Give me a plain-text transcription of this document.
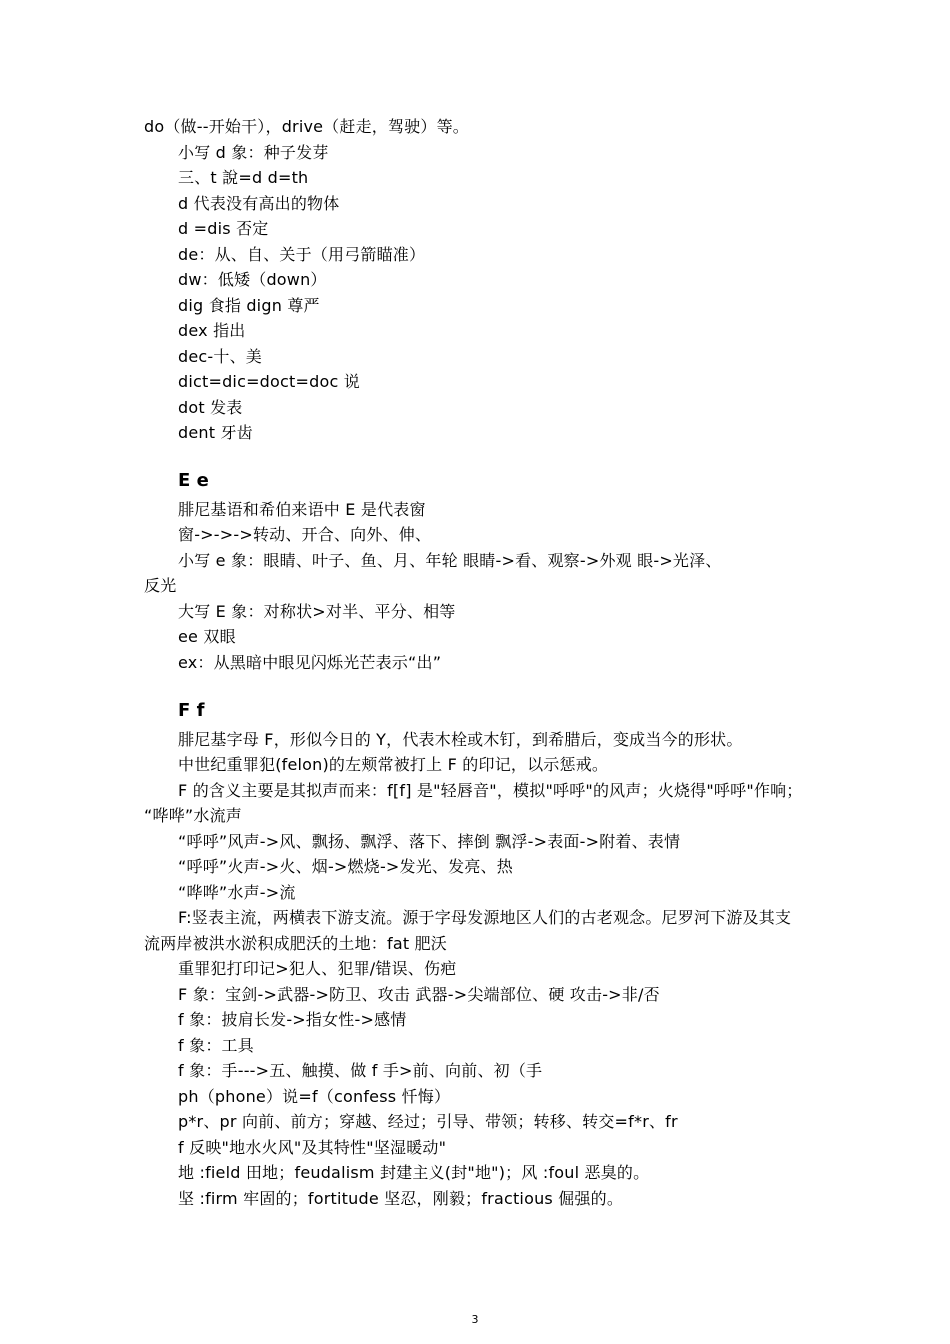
do（做--开始干），drive（赶走，驾驶）等。
小写 d 象：种子发芽
三、t 說=d d=th
d 代表没有高出的物体
d =dis 否定
de：从、自、关于（用弓箭瞄准）
dw：低矮（down）
dig 食指 dign 尊严
dex 指出
dec-十、美
dict=dic=doct=doc 说
dot 发表
dent 牙齿
E e
腓尼基语和希伯来语中 E 是代表窗
窗->->->转动、开合、向外、伸、
小写 e 象：眼睛、叶子、鱼、月、年轮 眼睛->看、观察->外观 眼->光泽、
反光
大写 E 象：对称状>对半、平分、相等
ee 双眼
ex：从黑暗中眼见闪烁光芒表示“出”
F f
腓尼基字母 F，形似今日的 Y，代表木栓或木钉，到希腊后，变成当今的形状。
中世纪重罪犯(felon)的左颊常被打上 F 的印记，以示惩戒。
F 的含义主要是其拟声而来：f[f] 是"轻唇音"，模拟"呼呼"的风声；火烧得"呼呼"作响；
“哗哗”水流声
“呼呼”风声->风、飘扬、飘浮、落下、摔倒 飘浮->表面->附着、表情
“呼呼”火声->火、烟->燃烧->发光、发亮、热
“哗哗”水声->流
F:竖表主流，两横表下游支流。源于字母发源地区人们的古老观念。尼罗河下游及其支
流两岸被洪水淤积成肥沃的土地：fat 肥沃
重罪犯打印记>犯人、犯罪/错误、伤疤
F 象：宝剑->武器->防卫、攻击 武器->尖端部位、硬 攻击->非/否
f 象：披肩长发->指女性->感情
f 象：工具
f 象：手--->五、触摸、做 f 手>前、向前、初（手
ph（phone）说=f（confess 忏悔）
p*r、pr 向前、前方；穿越、经过；引导、带领；转移、转交=f*r、fr
f 反映"地水火风"及其特性"坚湿暖动"
地 :field 田地；feudalism 封建主义(封"地")；风 :foul 恶臭的。
坚 :firm 牢固的；fortitude 坚忍，刚毅；fractious 倔强的。
3
